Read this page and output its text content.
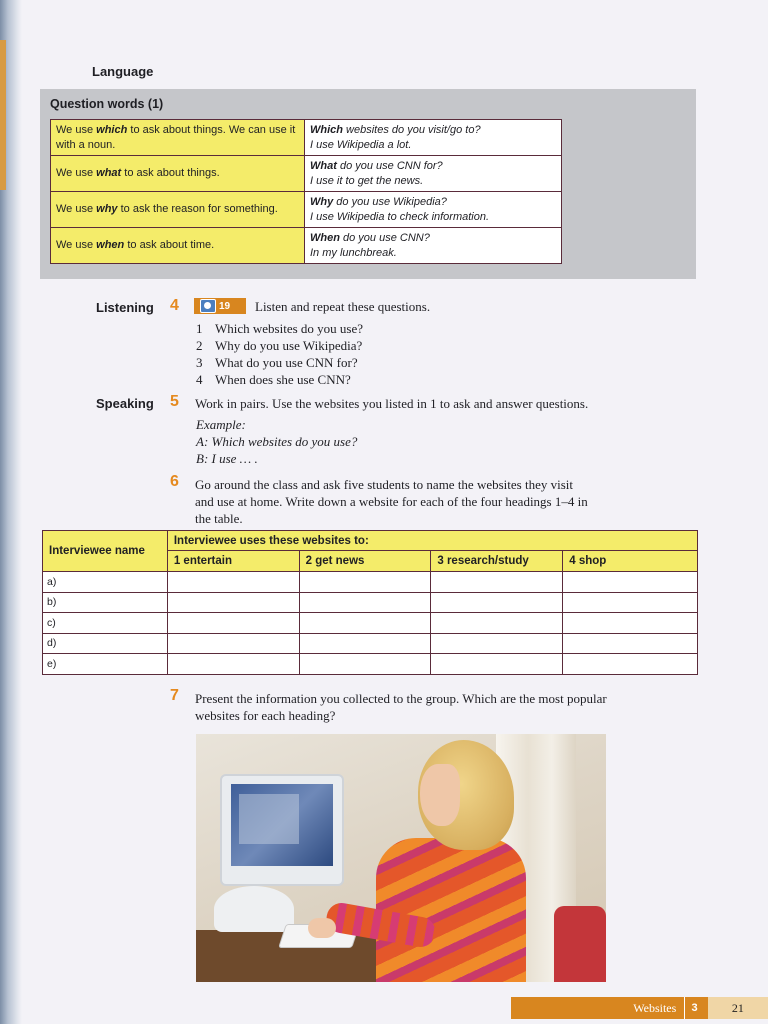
Language
Question words (1)
We use which to ask about things. We can use it with a noun.	Which websites do you visit/go to?
I use Wikipedia a lot.

We use what to ask about things.	What do you use CNN for?
I use it to get the news.

We use why to ask the reason for something.	Why do you use Wikipedia?
I use Wikipedia to check information.

We use when to ask about time.	When do you use CNN?
In my lunchbreak.
Listening 4	19 Listen and repeat these questions.
1 Which websites do you use?
2 Why do you use Wikipedia?
3 What do you use CNN for?
4 When does she use CNN?
Speaking 5 Work in pairs. Use the websites you listed in 1 to ask and answer questions.
Example:
A: Which websites do you use?
B: I use … .
6 Go around the class and ask five students to name the websites they visit
and use at home. Write down a website for each of the four headings 1–4 in
the table.
Interviewee name	Interviewee uses these websites to:			
	1 entertain	2 get news	3 research/study	4 shop
a)				
b)				
c)				
d)				
e)				
7 Present the information you collected to the group. Which are the most popular
websites for each heading?
Websites	3	21
